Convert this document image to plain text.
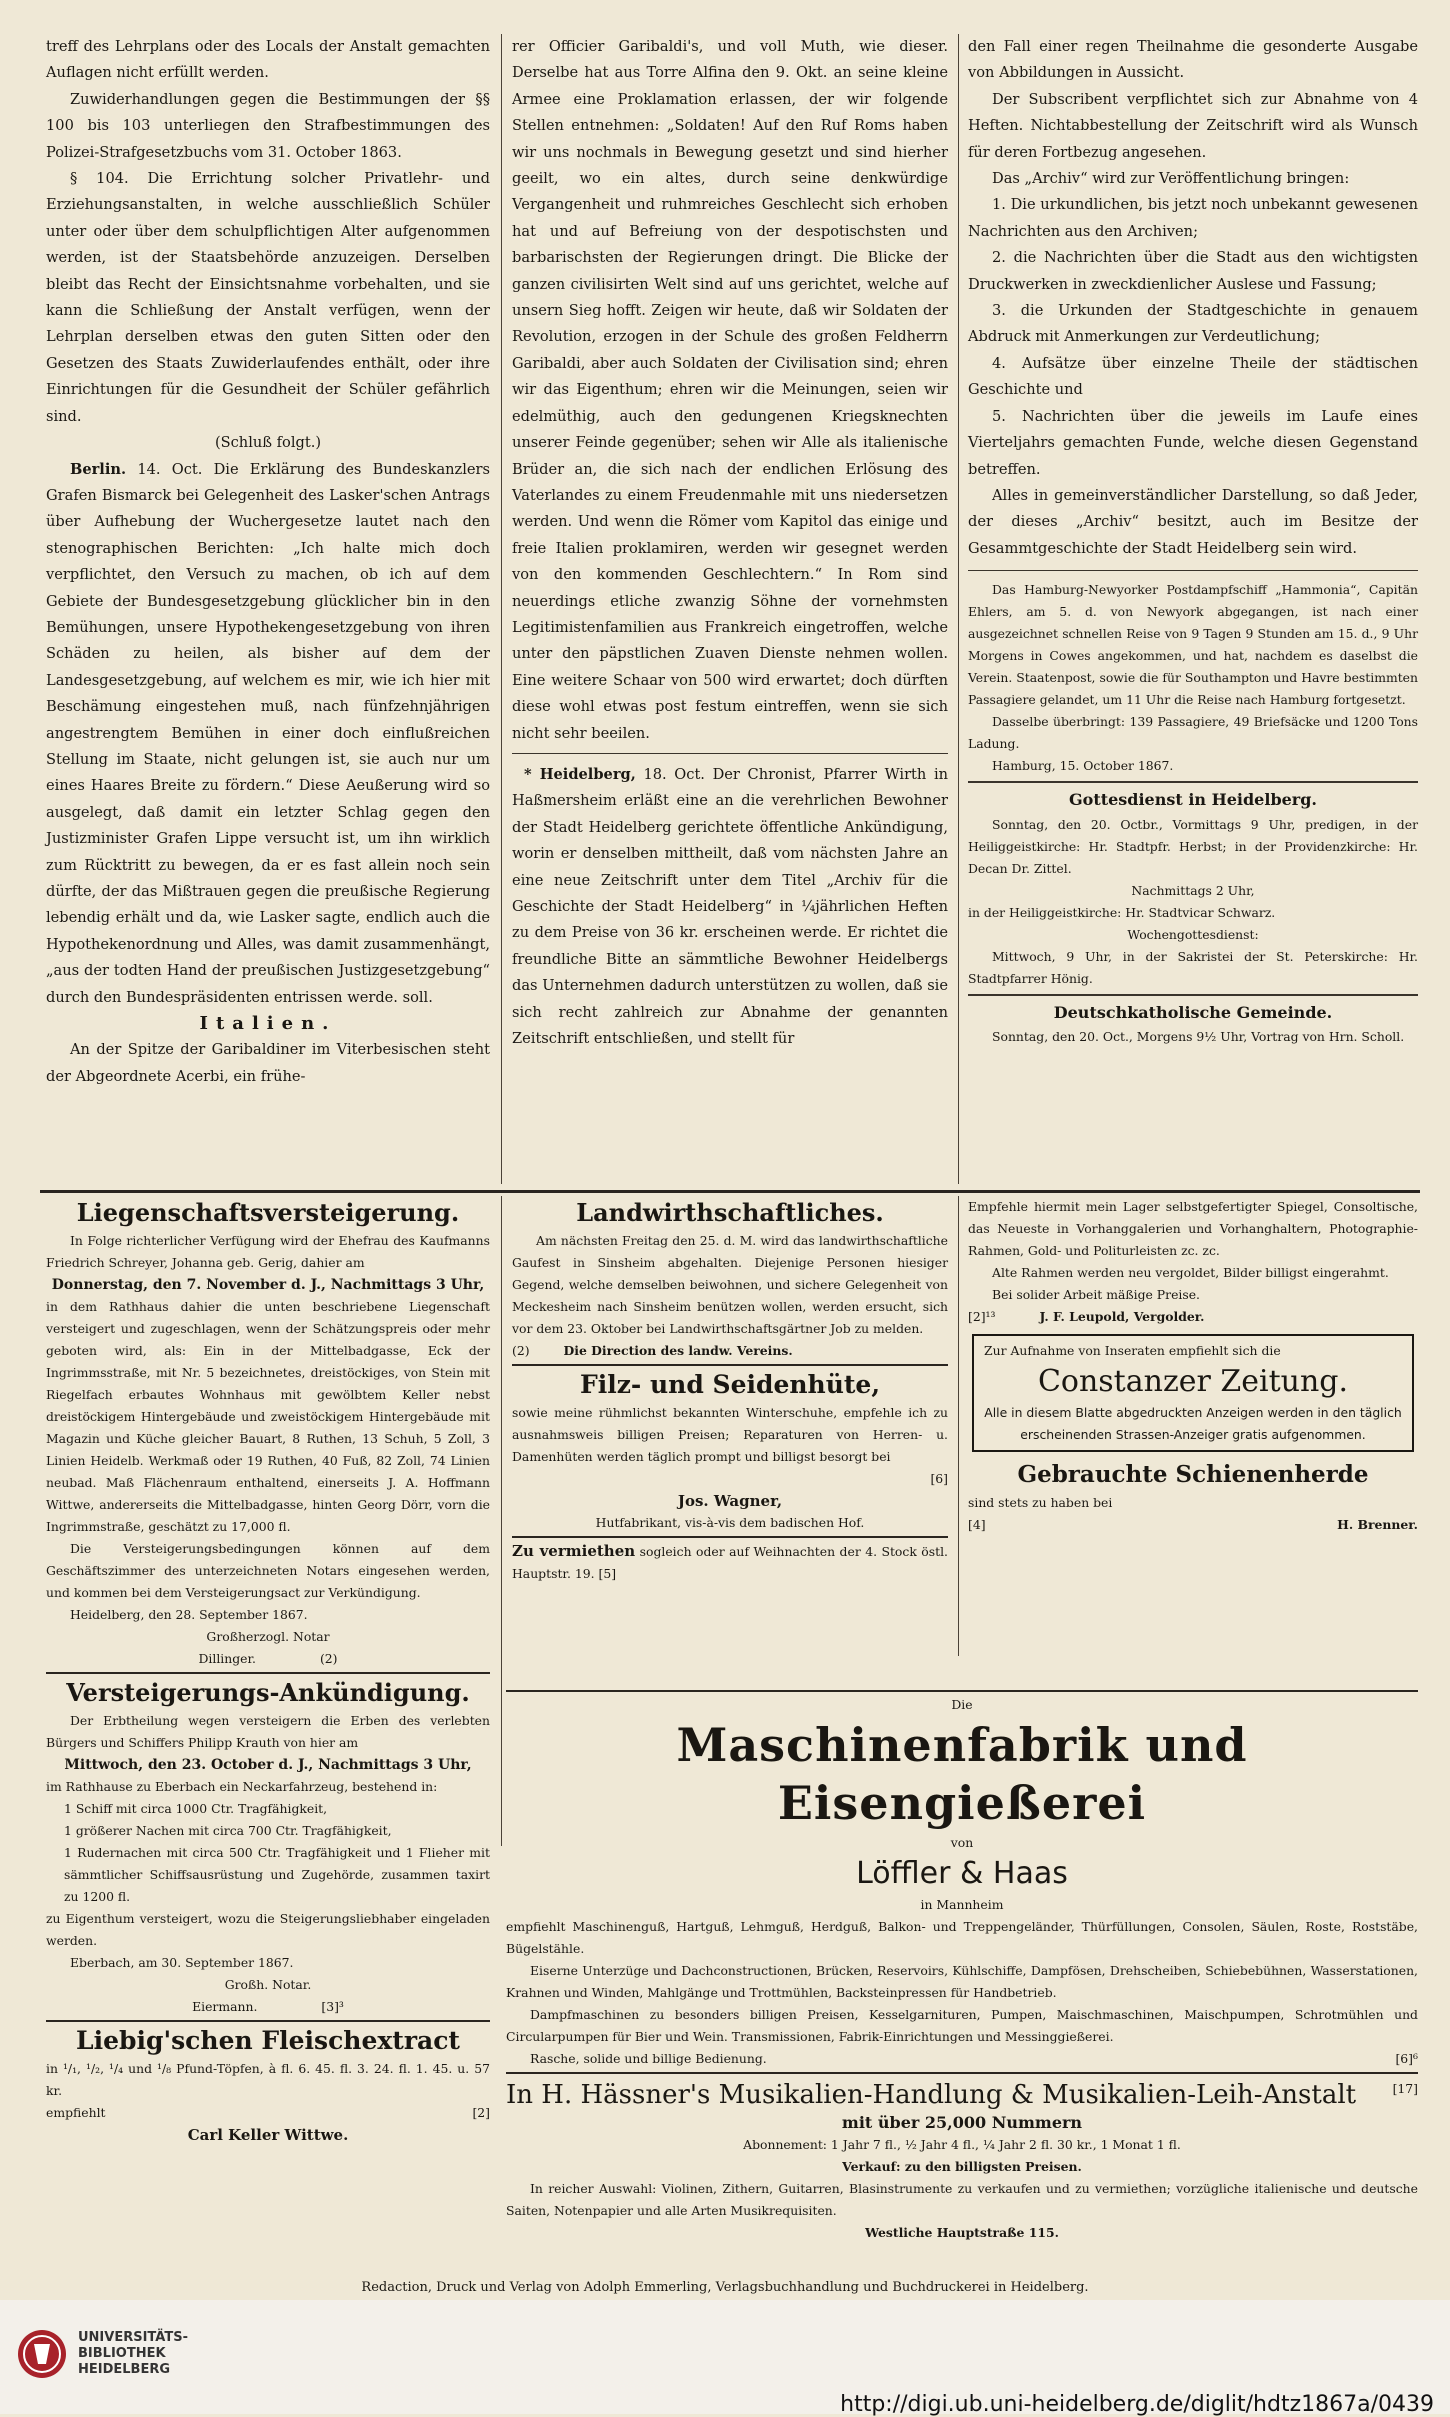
treff des Lehrplans oder des Locals der Anstalt gemachten Auflagen nicht erfüllt werden.

Zuwiderhandlungen gegen die Bestimmungen der §§ 100 bis 103 unterliegen den Strafbestimmungen des Polizei-Strafgesetzbuchs vom 31. October 1863.

§ 104. Die Errichtung solcher Privatlehr- und Erziehungsanstalten, in welche ausschließlich Schüler unter oder über dem schulpflichtigen Alter aufgenommen werden, ist der Staatsbehörde anzuzeigen. Derselben bleibt das Recht der Einsichtsnahme vorbehalten, und sie kann die Schließung der Anstalt verfügen, wenn der Lehrplan derselben etwas den guten Sitten oder den Gesetzen des Staats Zuwiderlaufendes enthält, oder ihre Einrichtungen für die Gesundheit der Schüler gefährlich sind.

(Schluß folgt.)

Berlin. 14. Oct. Die Erklärung des Bundeskanzlers Grafen Bismarck bei Gelegenheit des Lasker'schen Antrags über Aufhebung der Wuchergesetze lautet nach den stenographischen Berichten: „Ich halte mich doch verpflichtet, den Versuch zu machen, ob ich auf dem Gebiete der Bundesgesetzgebung glücklicher bin in den Bemühungen, unsere Hypothekengesetzgebung von ihren Schäden zu heilen, als bisher auf dem der Landesgesetzgebung, auf welchem es mir, wie ich hier mit Beschämung eingestehen muß, nach fünfzehnjährigen angestrengtem Bemühen in einer doch einflußreichen Stellung im Staate, nicht gelungen ist, sie auch nur um eines Haares Breite zu fördern.“ Diese Aeußerung wird so ausgelegt, daß damit ein letzter Schlag gegen den Justizminister Grafen Lippe versucht ist, um ihn wirklich zum Rücktritt zu bewegen, da er es fast allein noch sein dürfte, der das Mißtrauen gegen die preußische Regierung lebendig erhält und da, wie Lasker sagte, endlich auch die Hypothekenordnung und Alles, was damit zusammenhängt, „aus der todten Hand der preußischen Justizgesetzgebung“ durch den Bundespräsidenten entrissen werde. soll.

Italien.

An der Spitze der Garibaldiner im Viterbesischen steht der Abgeordnete Acerbi, ein frühe-

rer Officier Garibaldi's, und voll Muth, wie dieser. Derselbe hat aus Torre Alfina den 9. Okt. an seine kleine Armee eine Proklamation erlassen, der wir folgende Stellen entnehmen: „Soldaten! Auf den Ruf Roms haben wir uns nochmals in Bewegung gesetzt und sind hierher geeilt, wo ein altes, durch seine denkwürdige Vergangenheit und ruhmreiches Geschlecht sich erhoben hat und auf Befreiung von der despotischsten und barbarischsten der Regierungen dringt. Die Blicke der ganzen civilisirten Welt sind auf uns gerichtet, welche auf unsern Sieg hofft. Zeigen wir heute, daß wir Soldaten der Revolution, erzogen in der Schule des großen Feldherrn Garibaldi, aber auch Soldaten der Civilisation sind; ehren wir das Eigenthum; ehren wir die Meinungen, seien wir edelmüthig, auch den gedungenen Kriegsknechten unserer Feinde gegenüber; sehen wir Alle als italienische Brüder an, die sich nach der endlichen Erlösung des Vaterlandes zu einem Freudenmahle mit uns niedersetzen werden. Und wenn die Römer vom Kapitol das einige und freie Italien proklamiren, werden wir gesegnet werden von den kommenden Geschlechtern.“ In Rom sind neuerdings etliche zwanzig Söhne der vornehmsten Legitimistenfamilien aus Frankreich eingetroffen, welche unter den päpstlichen Zuaven Dienste nehmen wollen. Eine weitere Schaar von 500 wird erwartet; doch dürften diese wohl etwas post festum eintreffen, wenn sie sich nicht sehr beeilen.

* Heidelberg, 18. Oct. Der Chronist, Pfarrer Wirth in Haßmersheim erläßt eine an die verehrlichen Bewohner der Stadt Heidelberg gerichtete öffentliche Ankündigung, worin er denselben mittheilt, daß vom nächsten Jahre an eine neue Zeitschrift unter dem Titel „Archiv für die Geschichte der Stadt Heidelberg“ in ¼jährlichen Heften zu dem Preise von 36 kr. erscheinen werde. Er richtet die freundliche Bitte an sämmtliche Bewohner Heidelbergs das Unternehmen dadurch unterstützen zu wollen, daß sie sich recht zahlreich zur Abnahme der genannten Zeitschrift entschließen, und stellt für

den Fall einer regen Theilnahme die gesonderte Ausgabe von Abbildungen in Aussicht.

Der Subscribent verpflichtet sich zur Abnahme von 4 Heften. Nichtabbestellung der Zeitschrift wird als Wunsch für deren Fortbezug angesehen.

Das „Archiv“ wird zur Veröffentlichung bringen:

1. Die urkundlichen, bis jetzt noch unbekannt gewesenen Nachrichten aus den Archiven;

2. die Nachrichten über die Stadt aus den wichtigsten Druckwerken in zweckdienlicher Auslese und Fassung;

3. die Urkunden der Stadtgeschichte in genauem Abdruck mit Anmerkungen zur Verdeutlichung;

4. Aufsätze über einzelne Theile der städtischen Geschichte und

5. Nachrichten über die jeweils im Laufe eines Vierteljahrs gemachten Funde, welche diesen Gegenstand betreffen.

Alles in gemeinverständlicher Darstellung, so daß Jeder, der dieses „Archiv“ besitzt, auch im Besitze der Gesammtgeschichte der Stadt Heidelberg sein wird.

Das Hamburg-Newyorker Postdampfschiff „Hammonia“, Capitän Ehlers, am 5. d. von Newyork abgegangen, ist nach einer ausgezeichnet schnellen Reise von 9 Tagen 9 Stunden am 15. d., 9 Uhr Morgens in Cowes angekommen, und hat, nachdem es daselbst die Verein. Staatenpost, sowie die für Southampton und Havre bestimmten Passagiere gelandet, um 11 Uhr die Reise nach Hamburg fortgesetzt.

Dasselbe überbringt: 139 Passagiere, 49 Briefsäcke und 1200 Tons Ladung.

Hamburg, 15. October 1867.

Gottesdienst in Heidelberg.

Sonntag, den 20. Octbr., Vormittags 9 Uhr, predigen, in der Heiliggeistkirche: Hr. Stadtpfr. Herbst; in der Providenzkirche: Hr. Decan Dr. Zittel.

Nachmittags 2 Uhr,

in der Heiliggeistkirche: Hr. Stadtvicar Schwarz.

Wochengottesdienst:

Mittwoch, 9 Uhr, in der Sakristei der St. Peterskirche: Hr. Stadtpfarrer Hönig.

Deutschkatholische Gemeinde.

Sonntag, den 20. Oct., Morgens 9½ Uhr, Vortrag von Hrn. Scholl.

Liegenschaftsversteigerung.

In Folge richterlicher Verfügung wird der Ehefrau des Kaufmanns Friedrich Schreyer, Johanna geb. Gerig, dahier am

Donnerstag, den 7. November d. J., Nachmittags 3 Uhr,

in dem Rathhaus dahier die unten beschriebene Liegenschaft versteigert und zugeschlagen, wenn der Schätzungspreis oder mehr geboten wird, als: Ein in der Mittelbadgasse, Eck der Ingrimmsstraße, mit Nr. 5 bezeichnetes, dreistöckiges, von Stein mit Riegelfach erbautes Wohnhaus mit gewölbtem Keller nebst dreistöckigem Hintergebäude und zweistöckigem Hintergebäude mit Magazin und Küche gleicher Bauart, 8 Ruthen, 13 Schuh, 5 Zoll, 3 Linien Heidelb. Werkmaß oder 19 Ruthen, 40 Fuß, 82 Zoll, 74 Linien neubad. Maß Flächenraum enthaltend, einerseits J. A. Hoffmann Wittwe, andererseits die Mittelbadgasse, hinten Georg Dörr, vorn die Ingrimmstraße, geschätzt zu 17,000 fl.

Die Versteigerungsbedingungen können auf dem Geschäftszimmer des unterzeichneten Notars eingesehen werden, und kommen bei dem Versteigerungsact zur Verkündigung.

Heidelberg, den 28. September 1867.

Großherzogl. Notar

Dillinger.	(2)

Versteigerungs-Ankündigung.

Der Erbtheilung wegen versteigern die Erben des verlebten Bürgers und Schiffers Philipp Krauth von hier am

Mittwoch, den 23. October d. J., Nachmittags 3 Uhr,

im Rathhause zu Eberbach ein Neckarfahrzeug, bestehend in:

1 Schiff mit circa 1000 Ctr. Tragfähigkeit,

1 größerer Nachen mit circa 700 Ctr. Tragfähigkeit,

1 Rudernachen mit circa 500 Ctr. Tragfähigkeit und 1 Flieher mit sämmtlicher Schiffsausrüstung und Zugehörde, zusammen taxirt zu 1200 fl.

zu Eigenthum versteigert, wozu die Steigerungsliebhaber eingeladen werden.

Eberbach, am 30. September 1867.

Großh. Notar.

Eiermann.	[3]³

Liebig'schen Fleischextract

in ¹/₁, ¹/₂, ¹/₄ und ¹/₈ Pfund-Töpfen, à fl. 6. 45. fl. 3. 24. fl. 1. 45. u. 57 kr.

empfiehlt	[2]

Carl Keller Wittwe.

Landwirthschaftliches.

Am nächsten Freitag den 25. d. M. wird das landwirthschaftliche Gaufest in Sinsheim abgehalten. Diejenige Personen hiesiger Gegend, welche demselben beiwohnen, und sichere Gelegenheit von Meckesheim nach Sinsheim benützen wollen, werden ersucht, sich vor dem 23. Oktober bei Landwirthschaftsgärtner Job zu melden.

(2)	Die Direction des landw. Vereins.

Filz- und Seidenhüte,

sowie meine rühmlichst bekannten Winterschuhe, empfehle ich zu ausnahmsweis billigen Preisen; Reparaturen von Herren- u. Damenhüten werden täglich prompt und billigst besorgt bei

[6]

Jos. Wagner,

Hutfabrikant, vis-à-vis dem badischen Hof.

Zu vermiethen sogleich oder auf Weihnachten der 4. Stock östl. Hauptstr. 19. [5]

Empfehle hiermit mein Lager selbstgefertigter Spiegel, Consoltische, das Neueste in Vorhanggalerien und Vorhanghaltern, Photographie-Rahmen, Gold- und Politurleisten zc. zc.

Alte Rahmen werden neu vergoldet, Bilder billigst eingerahmt.

Bei solider Arbeit mäßige Preise.

[2]¹³	J. F. Leupold, Vergolder.

Zur Aufnahme von Inseraten empfiehlt sich die

Constanzer Zeitung.

Alle in diesem Blatte abgedruckten Anzeigen werden in den täglich erscheinenden Strassen-Anzeiger gratis aufgenommen.

Gebrauchte Schienenherde

sind stets zu haben bei

[4]	H. Brenner.

Die

Maschinenfabrik und Eisengießerei

von

Löffler & Haas

in Mannheim

empfiehlt Maschinenguß, Hartguß, Lehmguß, Herdguß, Balkon- und Treppengeländer, Thürfüllungen, Consolen, Säulen, Roste, Roststäbe, Bügelstähle.

Eiserne Unterzüge und Dachconstructionen, Brücken, Reservoirs, Kühlschiffe, Dampfösen, Drehscheiben, Schiebebühnen, Wasserstationen, Krahnen und Winden, Mahlgänge und Trottmühlen, Backsteinpressen für Handbetrieb.

Dampfmaschinen zu besonders billigen Preisen, Kesselgarnituren, Pumpen, Maischmaschinen, Maischpumpen, Schrotmühlen und Circularpumpen für Bier und Wein. Transmissionen, Fabrik-Einrichtungen und Messinggießerei.

Rasche, solide und billige Bedienung.	[6]⁶

In H. Hässner's Musikalien-Handlung & Musikalien-Leih-Anstalt	[17]

mit über 25,000 Nummern

Abonnement: 1 Jahr 7 fl., ½ Jahr 4 fl., ¼ Jahr 2 fl. 30 kr., 1 Monat 1 fl.

Verkauf: zu den billigsten Preisen.

In reicher Auswahl: Violinen, Zithern, Guitarren, Blasinstrumente zu verkaufen und zu vermiethen; vorzügliche italienische und deutsche Saiten, Notenpapier und alle Arten Musikrequisiten.

Westliche Hauptstraße 115.

Redaction, Druck und Verlag von Adolph Emmerling, Verlagsbuchhandlung und Buchdruckerei in Heidelberg.
UNIVERSITÄTS-
BIBLIOTHEK
HEIDELBERG
http://digi.ub.uni-heidelberg.de/diglit/hdtz1867a/0439
